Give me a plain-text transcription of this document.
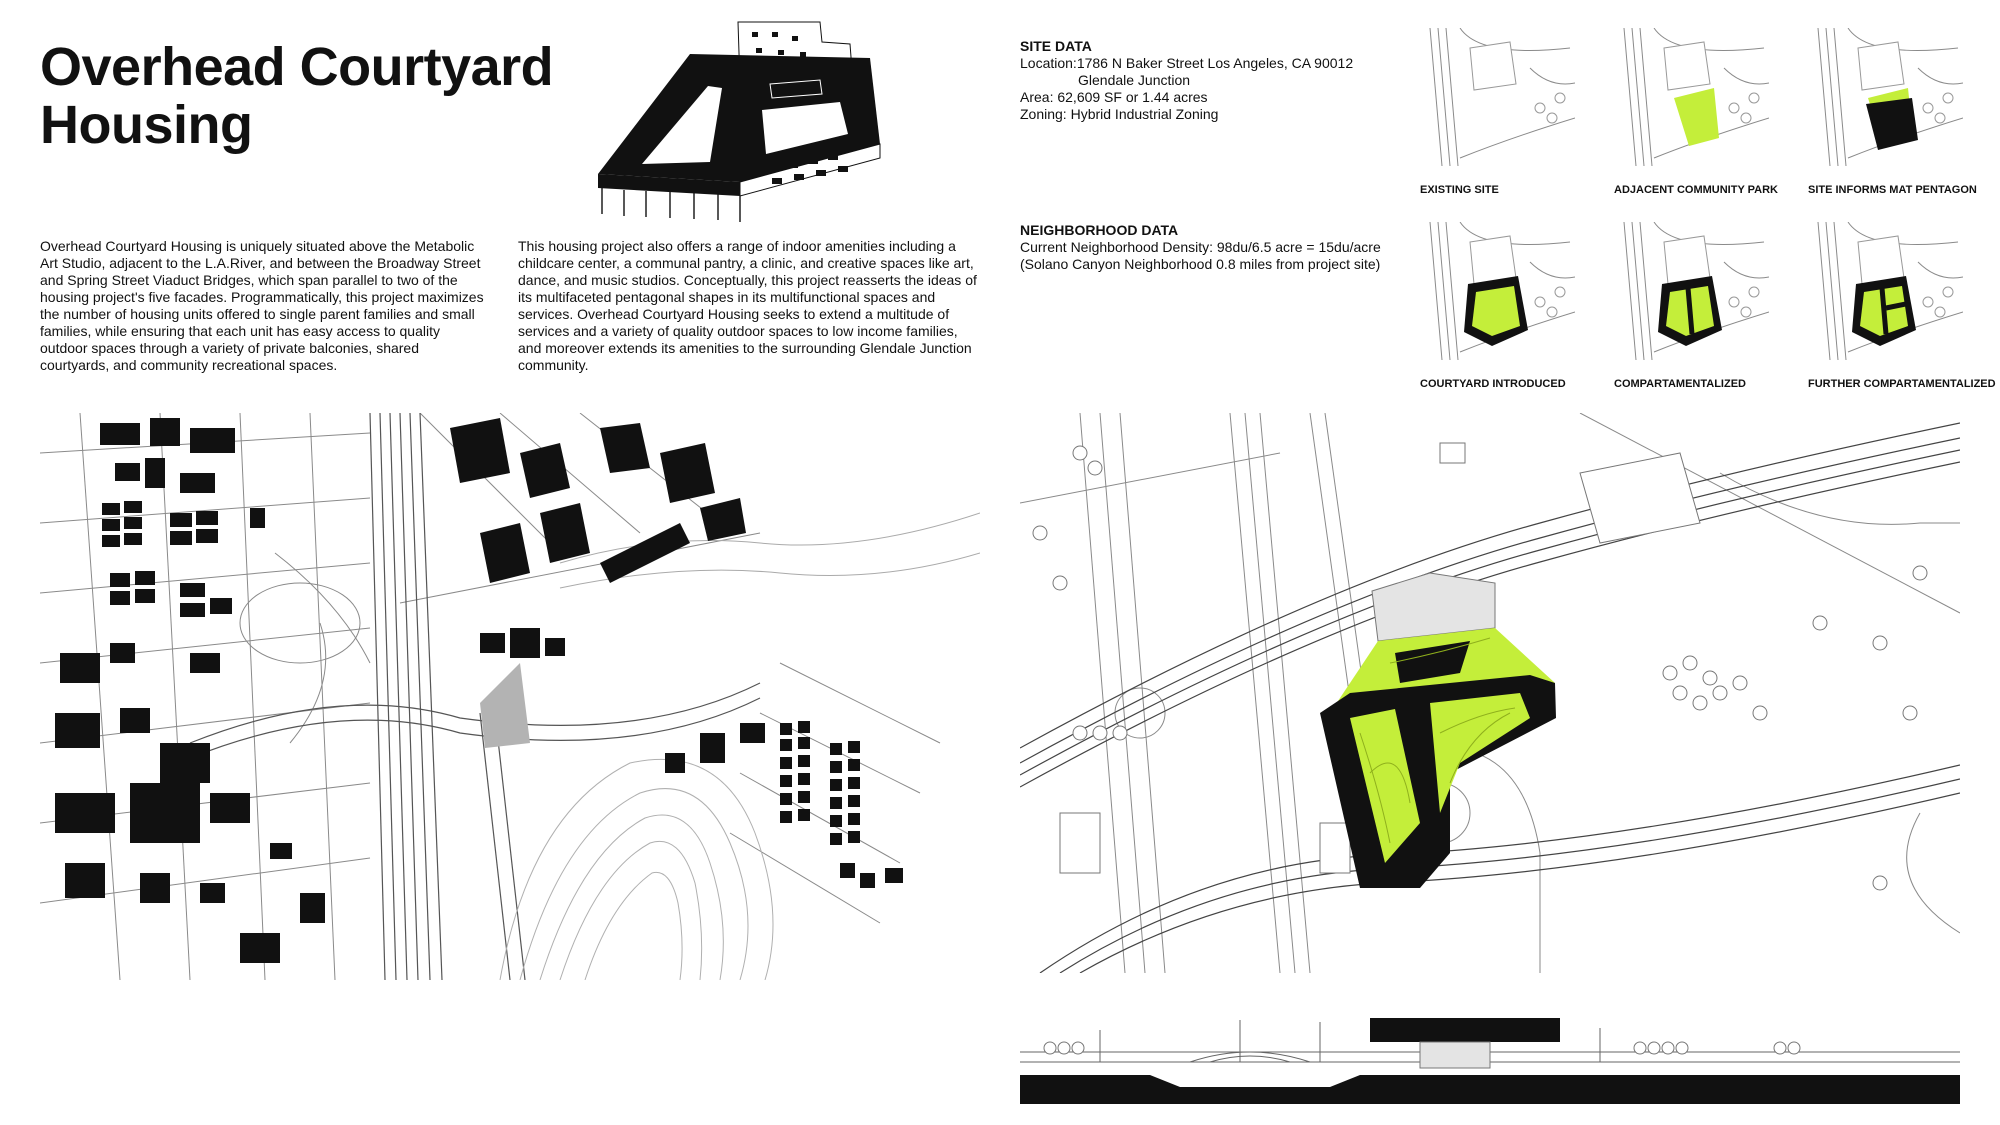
Overhead Courtyard
Housing
Overhead Courtyard Housing is uniquely situated above the Metabolic Art Studio, adjacent to the L.A.River, and between the Broadway Street and Spring Street Viaduct Bridges, which span parallel to two of the housing project's five facades. Programmatically, this project maximizes the number of housing units offered to single parent families and small families, while ensuring that each unit has easy access to quality outdoor spaces through a variety of private balconies, shared courtyards, and community recreational spaces.
This housing project also offers a range of indoor amenities including a childcare center, a communal pantry, a clinic, and creative spaces like art, dance, and music studios. Conceptually, this project reasserts the ideas of its multifaceted pentagonal shapes in its multifunctional spaces and services. Overhead Courtyard Housing seeks to extend a multitude of services and a variety of quality outdoor spaces to low income families, and moreover extends its amenities to the surrounding Glendale Junction community.
SITE DATA
Location:1786 N Baker Street Los Angeles, CA 90012
Glendale Junction
Area: 62,609 SF or 1.44 acres
Zoning: Hybrid Industrial Zoning
NEIGHBORHOOD DATA
Current Neighborhood Density: 98du/6.5 acre = 15du/acre
(Solano Canyon Neighborhood 0.8 miles from project site)
EXISTING SITE	ADJACENT COMMUNITY PARK	SITE INFORMS MAT PENTAGON
COURTYARD INTRODUCED	COMPARTAMENTALIZED	FURTHER COMPARTAMENTALIZED
